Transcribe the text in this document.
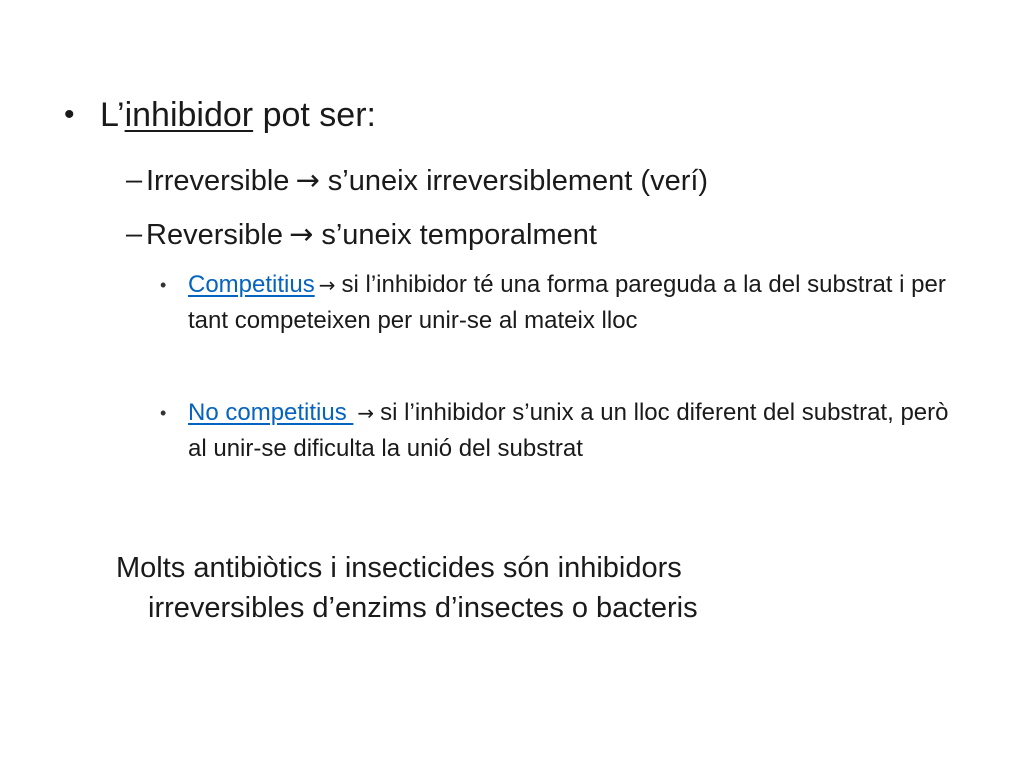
• L’inhibidor pot ser:
– Irreversible → s’uneix irreversiblement (verí)
– Reversible → s’uneix temporalment
• Competitius → si l’inhibidor té una forma pareguda a la del substrat i per tant competeixen per unir-se al mateix lloc
• No competitius → si l’inhibidor s’unix a un lloc diferent del substrat, però al unir-se dificulta la unió del substrat
Molts antibiòtics i insecticides són inhibidors
irreversibles d’enzims d’insectes o bacteris
